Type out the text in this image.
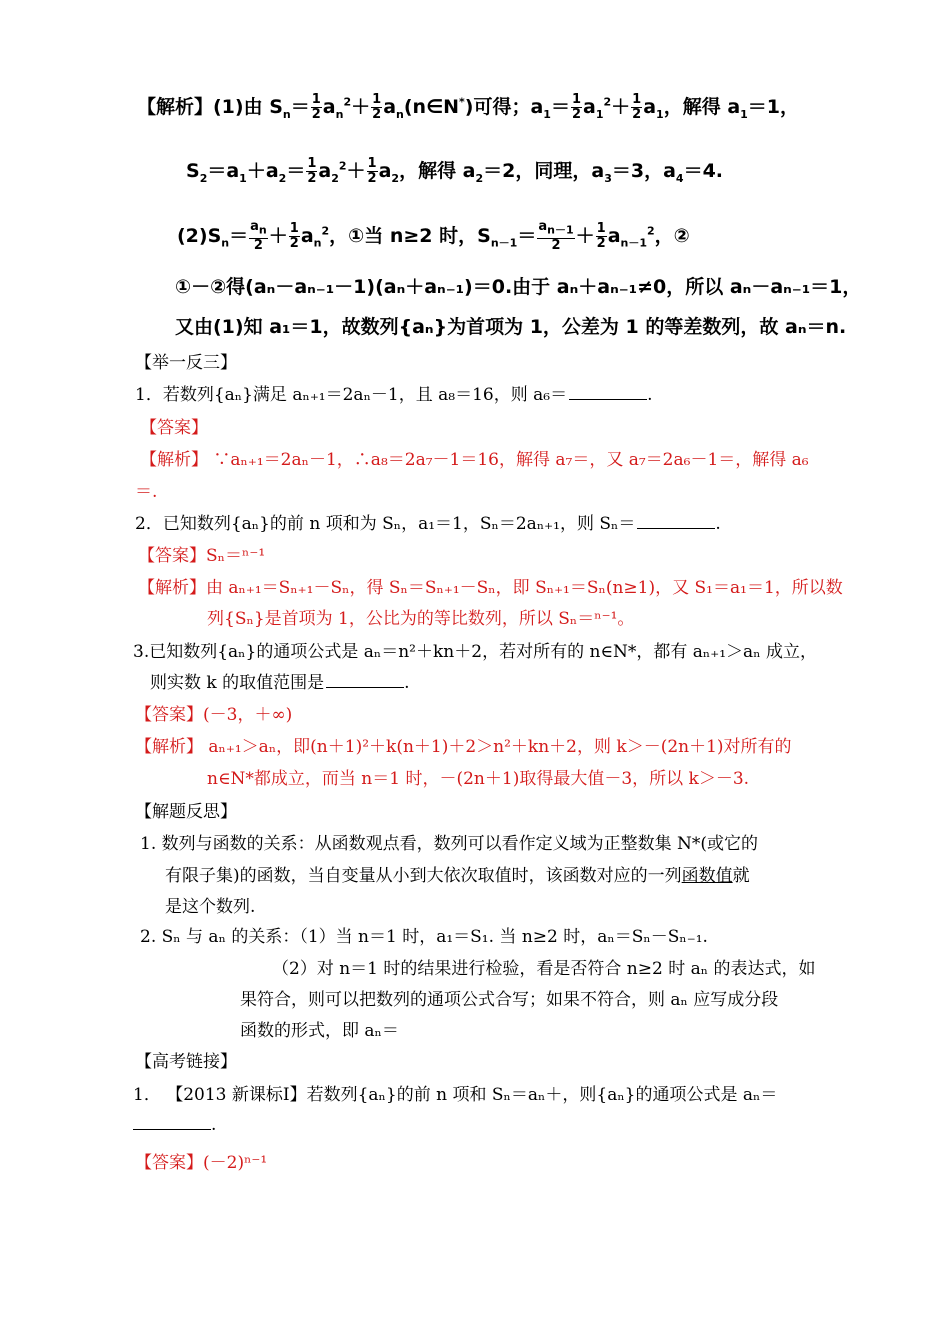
【解析】(1)由 $S_n= \frac{1}{2} a_n^2+ \frac{1}{2}$ $a_n(n\in N^*)$可得；$a_1= \frac{1}{2} a_1^2+ \frac{1}{2} a_1$，解得 $a_1=1$，
$S_2=a_1+a_2= \frac{1}{2} a_2^2+ \frac{1}{2} a_2$，解得 $a_2=2$，同理，$a_3=3$，$a_4=4$.
$(2)S_n= \frac{a_n}{2} + \frac{1}{2} a_n^2$，①当 n≥2 时，$S_{n-1}= \frac{a_{n-1}}{2} + \frac{1}{2} a_{n-1}^2$，②
①－②得(aₙ－aₙ₋₁－1)(aₙ＋aₙ₋₁)＝0.由于 aₙ＋aₙ₋₁≠0，所以 aₙ－aₙ₋₁＝1，
又由(1)知 a₁＝1，故数列{aₙ}为首项为 1，公差为 1 的等差数列，故 aₙ＝n.
【举一反三】
1．若数列{aₙ}满足 aₙ₊₁＝2aₙ－1，且 a₈＝16，则 a₆＝	.
【答案】
【解析】 ∵aₙ₊₁＝2aₙ－1，∴a₈＝2a₇－1＝16，解得 a₇＝，又 a₇＝2a₆－1＝，解得 a₆
＝.
2．已知数列{aₙ}的前 n 项和为 Sₙ，a₁＝1，Sₙ＝2aₙ₊₁，则 Sₙ＝	.
【答案】Sₙ＝ⁿ⁻¹
【解析】由 aₙ₊₁＝Sₙ₊₁－Sₙ，得 Sₙ＝Sₙ₊₁－Sₙ，即 Sₙ₊₁＝Sₙ(n≥1)，又 S₁＝a₁＝1，所以数
列{Sₙ}是首项为 1，公比为的等比数列，所以 Sₙ＝ⁿ⁻¹。
3.已知数列{aₙ}的通项公式是 aₙ＝n²＋kn＋2，若对所有的 n∈N*，都有 aₙ₊₁＞aₙ 成立，
则实数 k 的取值范围是	.
【答案】(－3，＋∞)
【解析】 aₙ₊₁＞aₙ，即(n＋1)²＋k(n＋1)＋2＞n²＋kn＋2，则 k＞－(2n＋1)对所有的
n∈N*都成立，而当 n＝1 时，－(2n＋1)取得最大值－3，所以 k＞－3.
【解题反思】
1. 数列与函数的关系：从函数观点看，数列可以看作定义域为正整数集 N*(或它的
有限子集)的函数，当自变量从小到大依次取值时，该函数对应的一列函数值就
是这个数列.
2. Sₙ 与 aₙ 的关系：（1）当 n＝1 时，a₁＝S₁. 当 n≥2 时，aₙ＝Sₙ－Sₙ₋₁.
（2）对 n＝1 时的结果进行检验，看是否符合 n≥2 时 aₙ 的表达式，如
果符合，则可以把数列的通项公式合写；如果不符合，则 aₙ 应写成分段
函数的形式，即 aₙ＝
【高考链接】
1． 【2013 新课标Ⅰ】若数列{aₙ}的前 n 项和 Sₙ＝aₙ＋，则{aₙ}的通项公式是 aₙ＝
.
【答案】(－2)ⁿ⁻¹
